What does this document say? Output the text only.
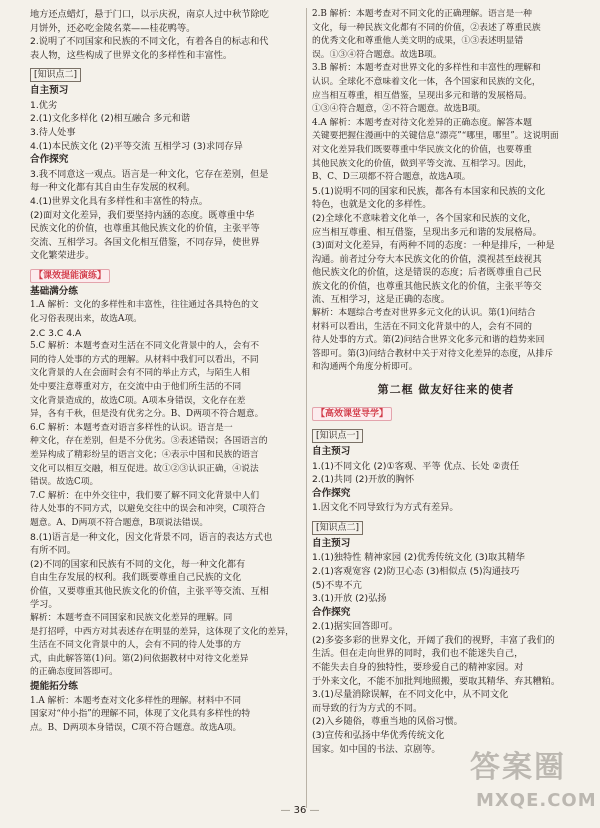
地方还点蜡灯，悬于门口，以示庆祝，南京人过中秋节除吃
月饼外，还必吃金陵名菜——桂花鸭等。
2.说明了不同国家和民族的不同文化，有着各自的标志和代
表人物，这些构成了世界文化的多样性和丰富性。
[知识点二]
自主预习
1.优劣
2.(1)文化多样化 (2)相互融合 多元和谐
3.待人处事
4.(1)本民族文化 (2)平等交流 互相学习 (3)求同存异
合作探究
3.我不同意这一观点。语言是一种文化，它存在差别，但是
每一种文化都有其自由生存发展的权利。
4.(1)世界文化具有多样性和丰富性的特点。
(2)面对文化差异，我们要坚持内涵的态度。既尊重中华
民族文化的价值，也尊重其他民族文化的价值，主张平等
交流、互相学习。各国文化相互借鉴，不同存异，使世界
文化繁荣进步。
【课效提能演练】
基础满分练
1.A 解析：文化的多样性和丰富性，往往通过各具特色的文
化习俗表现出来，故选A项。
2.C 3.C 4.A
5.C 解析：本题考查对生活在不同文化背景中的人，会有不
同的待人处事的方式的理解。从材料中我们可以看出，不同
文化背景的人在会面时会有不同的举止方式，与陌生人相
处中要注意尊重对方，在交流中由于他们所生活的不同
文化背景造成的，故选C项。A项本身错误，文化存在差
异，各有千秋，但是没有优劣之分。B、D两项不符合题意。
6.C 解析：本题考查对语言多样性的认识。语言是一
种文化，存在差别，但是不分优劣。③表述错误；各国语言的
差异构成了精彩纷呈的语言文化；④表示中国和民族的语言
文化可以相互交融，相互促进。故①②③认识正确，④说法
错误。故选C项。
7.C 解析：在中外交往中，我们要了解不同文化背景中人们
待人处事的不同方式，以避免交往中的误会和冲突，C项符合
题意。A、D两项不符合题意，B项说法错误。
8.(1)语言是一种文化，因文化背景不同，语言的表达方式也
有所不同。
(2)不同的国家和民族有不同的文化，每一种文化都有
自由生存发展的权利。我们既要尊重自己民族的文化
价值，又要尊重其他民族文化的价值，主张平等交流、互相
学习。
解析：本题考查不同国家和民族文化差异的理解。同
是打招呼，中西方对其表述存在明显的差异，这体现了文化的差异，
生活在不同文化背景中的人，会有不同的待人处事的方
式，由此解答第(1)问。第(2)问依据教材中对待文化差异
的正确态度回答即可。
提能拓分练
1.A 解析：本题考查对文化多样性的理解。材料中不同
国家对“仲小指”的理解不同，体现了文化具有多样性的特
点。B、D两项本身错误，C项不符合题意。故选A项。
2.B 解析：本题考查对不同文化的正确理解。语言是一种
文化，每一种民族文化都有不同的价值，②表述了尊重民族
的优秀文化和尊重他人美文明的成果，①③表述明显错
误。①③④符合题意。故选B项。
3.B 解析：本题考查对世界文化的多样性和丰富性的理解和
认识。全球化不意味着文化一体，各个国家和民族的文化，
应当相互尊重，相互借鉴，呈现出多元和谐的发展格局。
①③④符合题意，②不符合题意。故选B项。
4.A 解析：本题考查对待文化差异的正确态度。解答本题
关键要把握住漫画中的关键信息“漂亮”“哪里，哪里”。这说明面
对文化差异我们既要尊重中华民族文化的价值，也要尊重
其他民族文化的价值，做到平等交流、互相学习。因此，
B、C、D三项都不符合题意，故选A项。
5.(1)说明不同的国家和民族，都各有本国家和民族的文化
特色，也就是文化的多样性。
(2)全球化不意味着文化单一，各个国家和民族的文化，
应当相互尊重、相互借鉴，呈现出多元和谐的发展格局。
(3)面对文化差异，有两种不同的态度：一种是排斥，一种是
沟通。前者过分夸大本民族文化的价值，漠视甚至歧视其
他民族文化的价值，这是错误的态度；后者既尊重自己民
族文化的价值，也尊重其他民族文化的价值，主张平等交
流、互相学习，这是正确的态度。
解析：本题综合考查对世界多元文化的认识。第(1)问结合
材料可以看出，生活在不同文化背景中的人，会有不同的
待人处事的方式。第(2)问结合世界文化多元和谐的趋势来回
答即可。第(3)问结合教材中关于对待文化差异的态度，从排斥
和沟通两个角度分析即可。
第二框 做友好往来的使者
【高效课堂导学】
[知识点一]
自主预习
1.(1)不同文化 (2)①客观、平等 优点、长处 ②责任
2.(1)共同 (2)开放的胸怀
合作探究
1.因文化不同导致行为方式有差异。
[知识点二]
自主预习
1.(1)独特性 精神家园 (2)优秀传统文化 (3)取其精华
2.(1)客观宽容 (2)防卫心态 (3)相似点 (5)沟通技巧
(5)不卑不亢
3.(1)开放 (2)弘扬
合作探究
2.(1)据实回答即可。
(2)多姿多彩的世界文化，开阔了我们的视野，丰富了我们的
生活。但在走向世界的同时，我们也不能迷失自己，
不能失去自身的独特性，要珍爱自己的精神家园。对
于外来文化，不能不加批判地照搬，要取其精华、弃其糟粕。
3.(1)尽量消除误解，在不同文化中，从不同文化
而导致的行为方式的不同。
(2)入乡随俗，尊重当地的风俗习惯。
(3)宣传和弘扬中华优秀传统文化
国家。如中国的书法、京剧等。
— 36 —
答案圈
MXQE.COM
